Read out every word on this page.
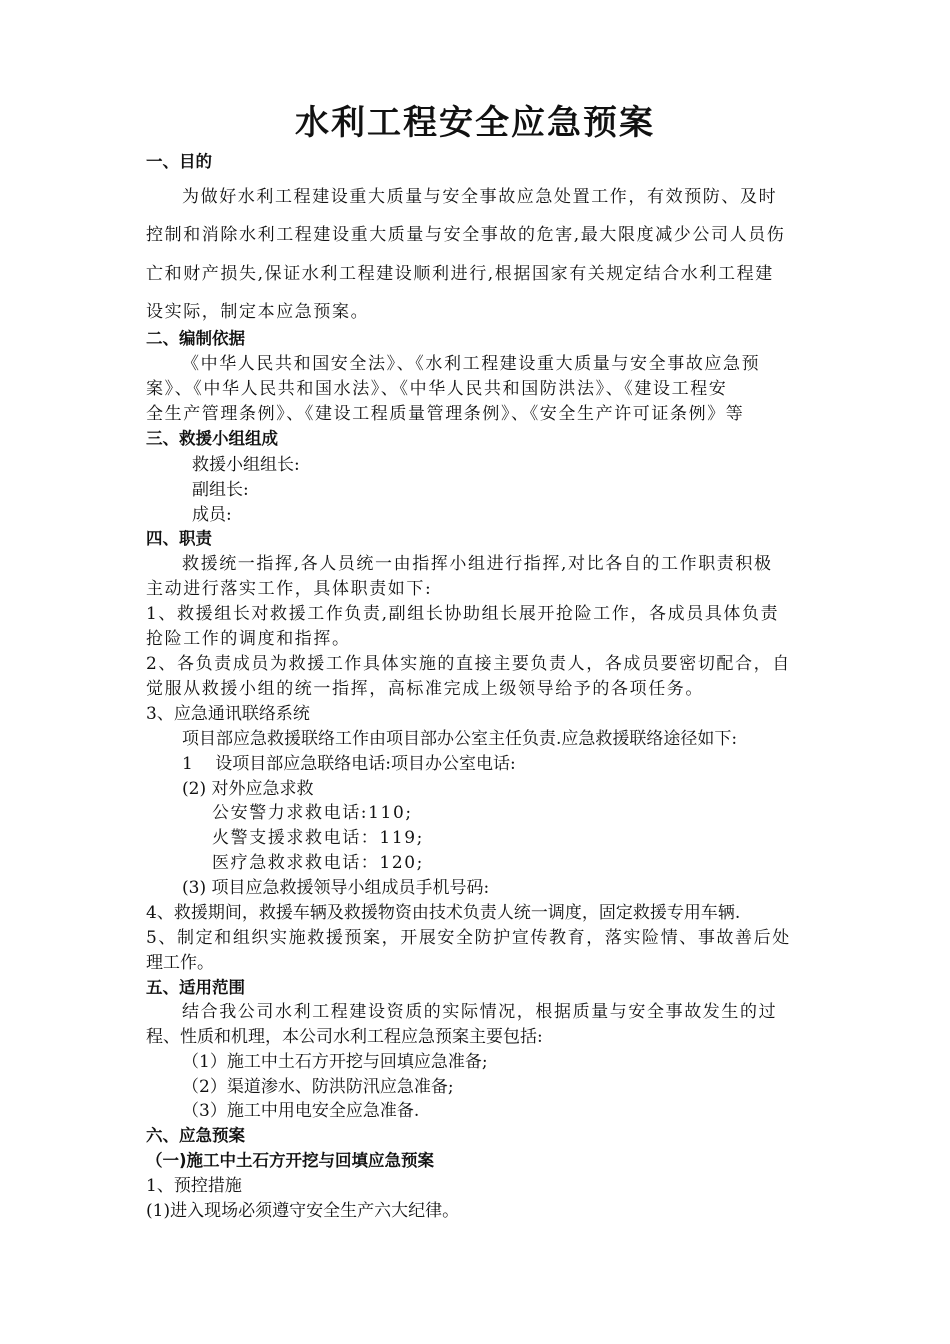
水利工程安全应急预案
一、目的
为做好水利工程建设重大质量与安全事故应急处置工作，有效预防、及时
控制和消除水利工程建设重大质量与安全事故的危害,最大限度减少公司人员伤
亡和财产损失,保证水利工程建设顺利进行,根据国家有关规定结合水利工程建
设实际，制定本应急预案。
二、编制依据
《中华人民共和国安全法》、《水利工程建设重大质量与安全事故应急预
案》、《中华人民共和国水法》、《中华人民共和国防洪法》、《建设工程安
全生产管理条例》、《建设工程质量管理条例》、《安全生产许可证条例》等
三、救援小组组成
救援小组组长:
副组长:
成员:
四、职责
救援统一指挥,各人员统一由指挥小组进行指挥,对比各自的工作职责积极
主动进行落实工作，具体职责如下:
1、救援组长对救援工作负责,副组长协助组长展开抢险工作，各成员具体负责
抢险工作的调度和指挥。
2、各负责成员为救援工作具体实施的直接主要负责人，各成员要密切配合，自
觉服从救援小组的统一指挥，高标准完成上级领导给予的各项任务。
3、应急通讯联络系统
项目部应急救援联络工作由项目部办公室主任负责.应急救援联络途径如下:
1　 设项目部应急联络电话:项目办公室电话:
(2) 对外应急求救
公安警力求救电话:110;
火警支援求救电话：119;
医疗急救求救电话：120;
(3) 项目应急救援领导小组成员手机号码:
4、救援期间，救援车辆及救援物资由技术负责人统一调度，固定救援专用车辆.
5、制定和组织实施救援预案，开展安全防护宣传教育，落实险情、事故善后处
理工作。
五、适用范围
结合我公司水利工程建设资质的实际情况，根据质量与安全事故发生的过
程、性质和机理，本公司水利工程应急预案主要包括:
（1）施工中土石方开挖与回填应急准备;
（2）渠道渗水、防洪防汛应急准备;
（3）施工中用电安全应急准备.
六、应急预案
（一)施工中土石方开挖与回填应急预案
1、预控措施
(1)进入现场必须遵守安全生产六大纪律。
